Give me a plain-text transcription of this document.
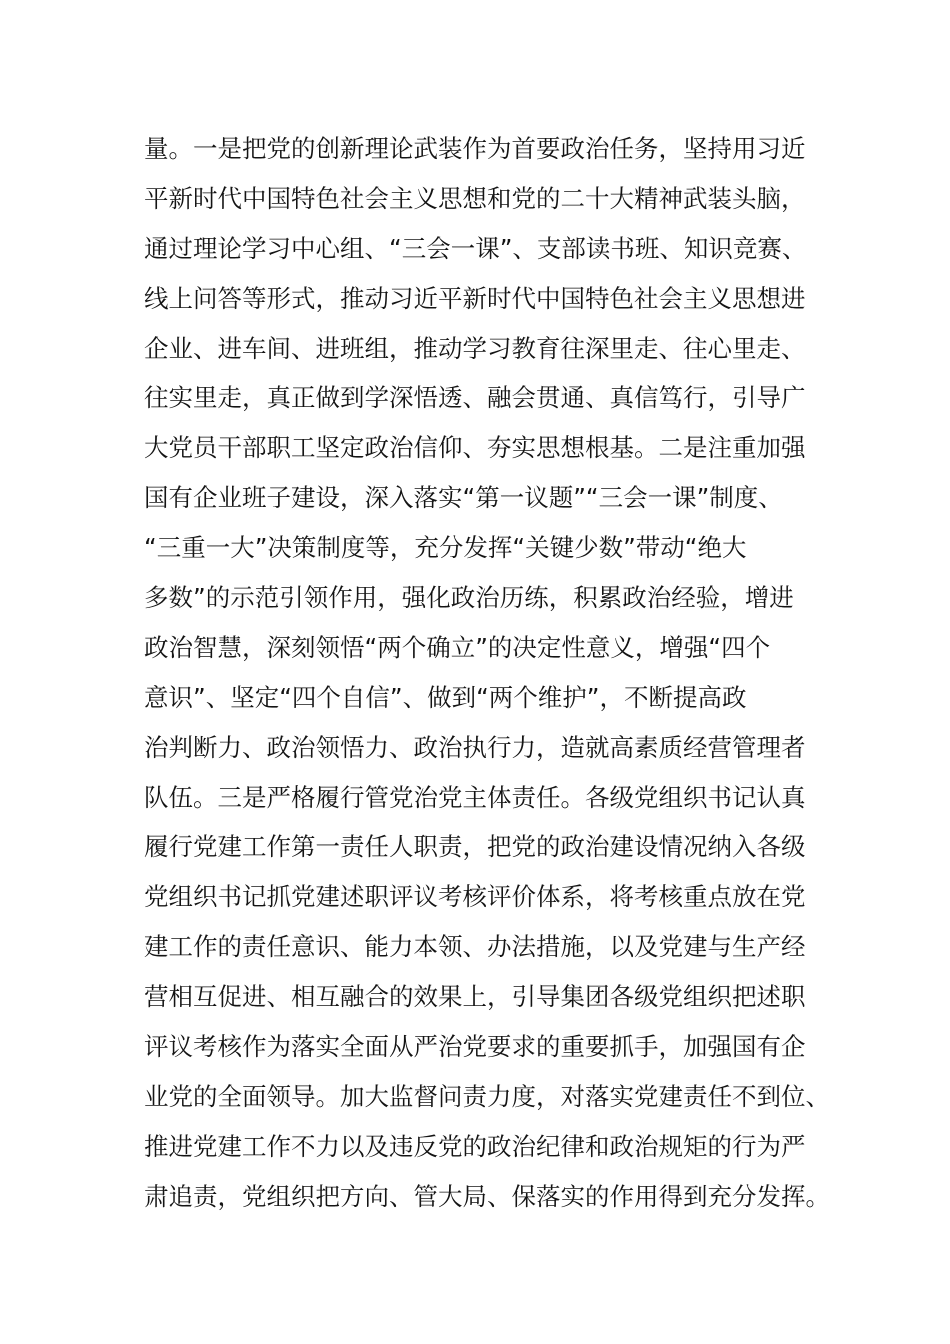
量。一是把党的创新理论武装作为首要政治任务，坚持用习近
平新时代中国特色社会主义思想和党的二十大精神武装头脑，
通过理论学习中心组、“三会一课”、支部读书班、知识竞赛、
线上问答等形式，推动习近平新时代中国特色社会主义思想进
企业、进车间、进班组，推动学习教育往深里走、往心里走、
往实里走，真正做到学深悟透、融会贯通、真信笃行，引导广
大党员干部职工坚定政治信仰、夯实思想根基。二是注重加强
国有企业班子建设，深入落实“第一议题”“三会一课”制度、
“三重一大”决策制度等，充分发挥“关键少数”带动“绝大
多数”的示范引领作用，强化政治历练，积累政治经验，增进
政治智慧，深刻领悟“两个确立”的决定性意义，增强“四个
意识”、坚定“四个自信”、做到“两个维护”，不断提高政
治判断力、政治领悟力、政治执行力，造就高素质经营管理者
队伍。三是严格履行管党治党主体责任。各级党组织书记认真
履行党建工作第一责任人职责，把党的政治建设情况纳入各级
党组织书记抓党建述职评议考核评价体系，将考核重点放在党
建工作的责任意识、能力本领、办法措施，以及党建与生产经
营相互促进、相互融合的效果上，引导集团各级党组织把述职
评议考核作为落实全面从严治党要求的重要抓手，加强国有企
业党的全面领导。加大监督问责力度，对落实党建责任不到位、
推进党建工作不力以及违反党的政治纪律和政治规矩的行为严
肃追责，党组织把方向、管大局、保落实的作用得到充分发挥。
